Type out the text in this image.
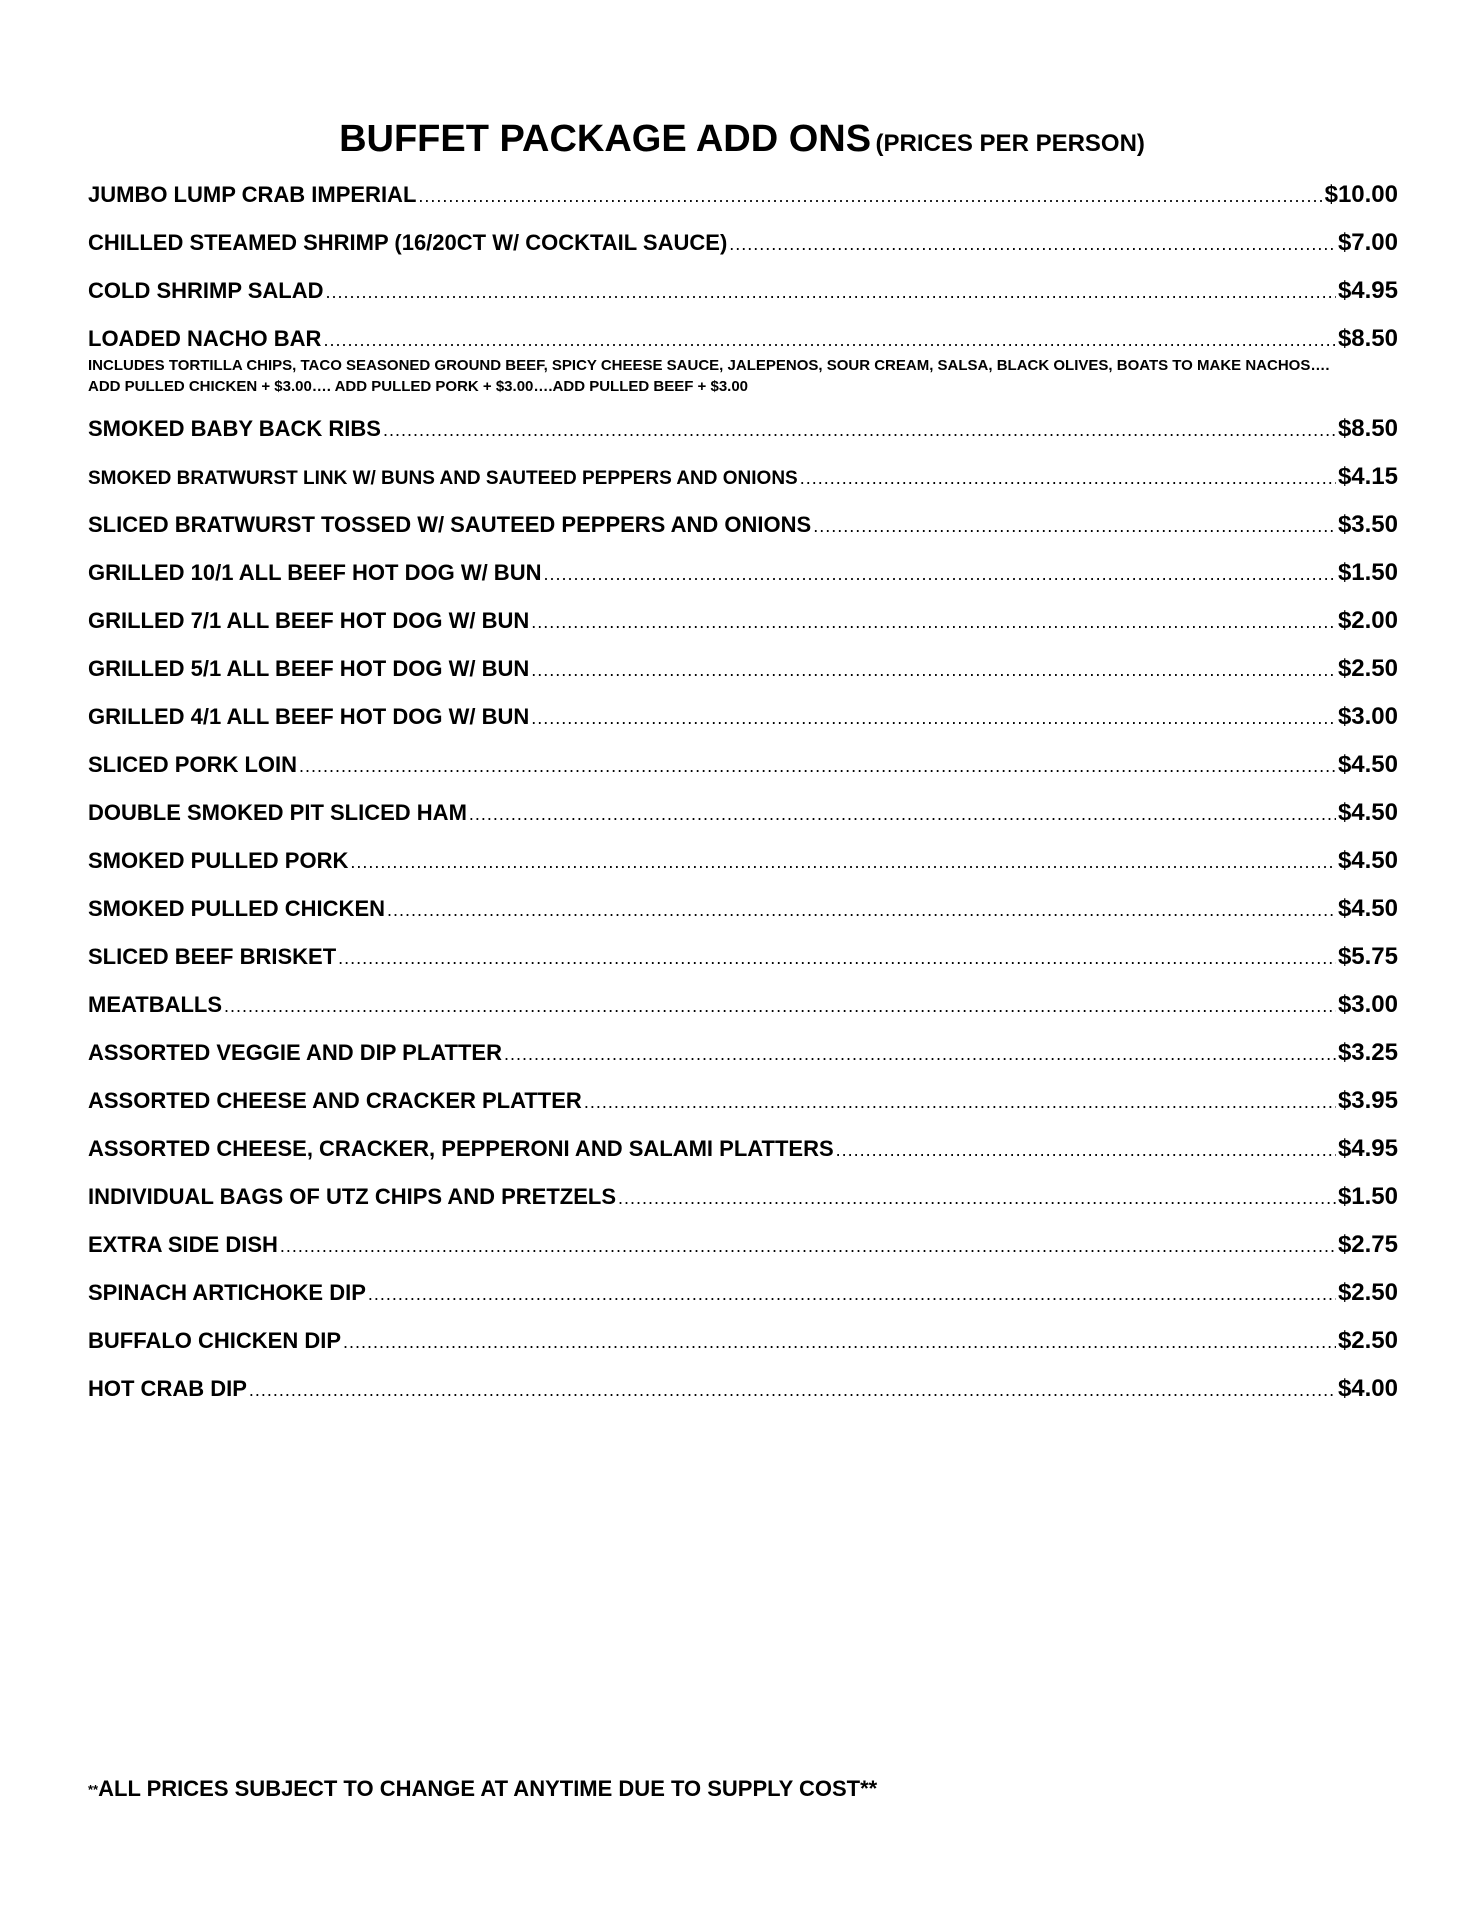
BUFFET PACKAGE ADD ONS (PRICES PER PERSON)
JUMBO LUMP CRAB IMPERIAL .....	$10.00
CHILLED STEAMED SHRIMP (16/20CT W/ COCKTAIL SAUCE) .....	$7.00
COLD SHRIMP SALAD .....	$4.95
LOADED NACHO BAR .....	$8.50
INCLUDES TORTILLA CHIPS, TACO SEASONED GROUND BEEF, SPICY CHEESE SAUCE, JALEPENOS, SOUR CREAM, SALSA, BLACK OLIVES, BOATS TO MAKE NACHOS…. ADD PULLED CHICKEN + $3.00…. ADD PULLED PORK + $3.00….ADD PULLED BEEF + $3.00
SMOKED BABY BACK RIBS .....	$8.50
SMOKED BRATWURST LINK W/ BUNS AND SAUTEED PEPPERS AND ONIONS .....	$4.15
SLICED BRATWURST TOSSED W/ SAUTEED PEPPERS AND ONIONS .....	$3.50
GRILLED 10/1 ALL BEEF HOT DOG W/ BUN .....	$1.50
GRILLED 7/1 ALL BEEF HOT DOG W/ BUN .....	$2.00
GRILLED 5/1 ALL BEEF HOT DOG W/ BUN .....	$2.50
GRILLED 4/1 ALL BEEF HOT DOG W/ BUN .....	$3.00
SLICED PORK LOIN .....	$4.50
DOUBLE SMOKED PIT SLICED HAM .....	$4.50
SMOKED PULLED PORK .....	$4.50
SMOKED PULLED CHICKEN .....	$4.50
SLICED BEEF BRISKET .....	$5.75
MEATBALLS .....	$3.00
ASSORTED VEGGIE AND DIP PLATTER .....	$3.25
ASSORTED CHEESE AND CRACKER PLATTER .....	$3.95
ASSORTED CHEESE, CRACKER, PEPPERONI AND SALAMI PLATTERS .....	$4.95
INDIVIDUAL BAGS OF UTZ CHIPS AND PRETZELS .....	$1.50
EXTRA SIDE DISH .....	$2.75
SPINACH ARTICHOKE DIP .....	$2.50
BUFFALO CHICKEN DIP .....	$2.50
HOT CRAB DIP .....	$4.00
**ALL PRICES SUBJECT TO CHANGE AT ANYTIME DUE TO SUPPLY COST**
